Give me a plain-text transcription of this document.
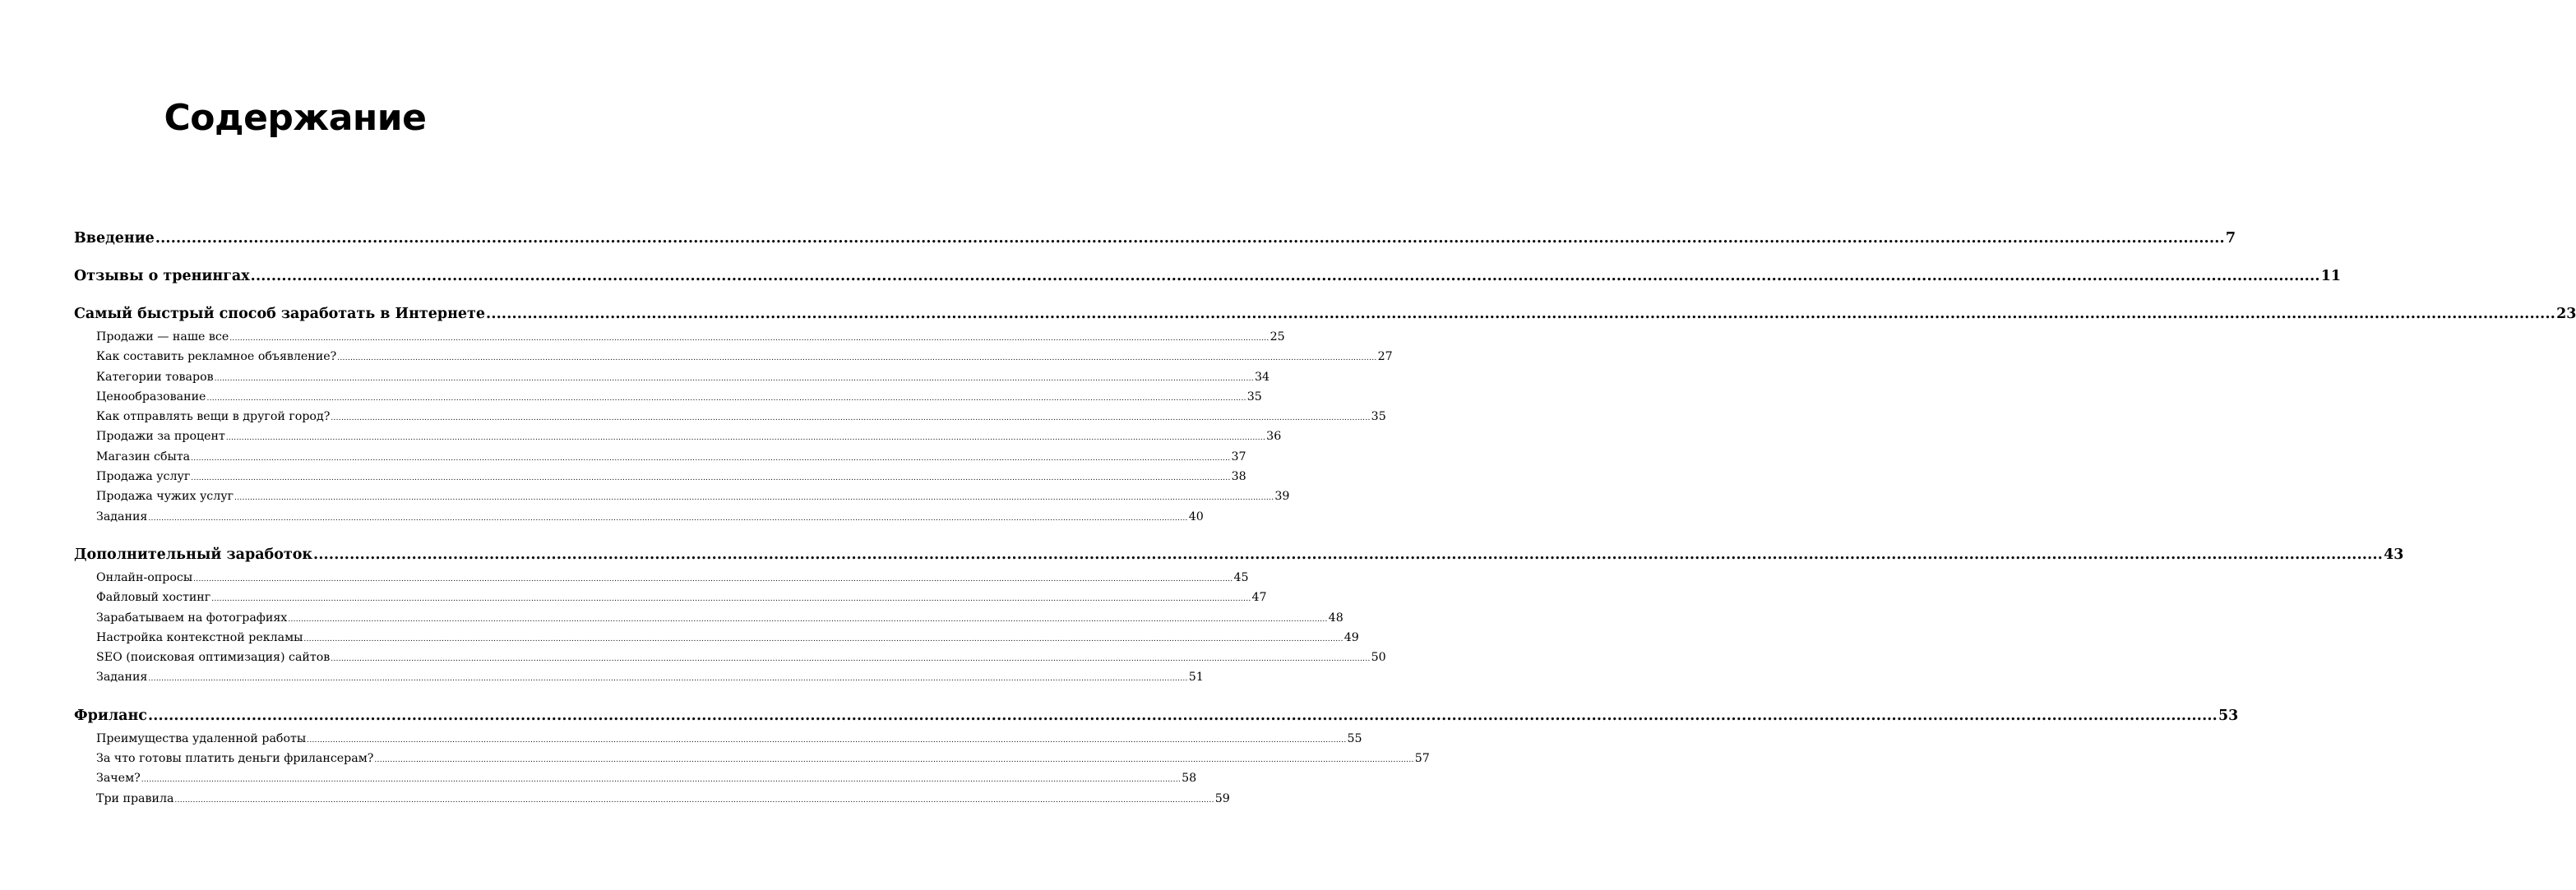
Содержание
Введение ................................................................................................................................................................................................................................................................................................................................................................................................................ 7
Отзывы о тренингах ................................................................................................................................................................................................................................................................................................................................................................................................................ 11
Самый быстрый способ заработать в Интернете ................................................................................................................................................................................................................................................................................................................................................................................................................ 23
Продажи — наше все ................................................................................................................................................................................................................................................................................................................................................................................................................ 25
Как составить рекламное объявление? ................................................................................................................................................................................................................................................................................................................................................................................................................ 27
Категории товаров ................................................................................................................................................................................................................................................................................................................................................................................................................ 34
Ценообразование ................................................................................................................................................................................................................................................................................................................................................................................................................ 35
Как отправлять вещи в другой город? ................................................................................................................................................................................................................................................................................................................................................................................................................ 35
Продажи за процент ................................................................................................................................................................................................................................................................................................................................................................................................................ 36
Магазин сбыта ................................................................................................................................................................................................................................................................................................................................................................................................................ 37
Продажа услуг ................................................................................................................................................................................................................................................................................................................................................................................................................ 38
Продажа чужих услуг ................................................................................................................................................................................................................................................................................................................................................................................................................ 39
Задания ................................................................................................................................................................................................................................................................................................................................................................................................................ 40
Дополнительный заработок ................................................................................................................................................................................................................................................................................................................................................................................................................ 43
Онлайн-опросы ................................................................................................................................................................................................................................................................................................................................................................................................................ 45
Файловый хостинг ................................................................................................................................................................................................................................................................................................................................................................................................................ 47
Зарабатываем на фотографиях ................................................................................................................................................................................................................................................................................................................................................................................................................ 48
Настройка контекстной рекламы ................................................................................................................................................................................................................................................................................................................................................................................................................ 49
SEO (поисковая оптимизация) сайтов ................................................................................................................................................................................................................................................................................................................................................................................................................ 50
Задания ................................................................................................................................................................................................................................................................................................................................................................................................................ 51
Фриланс ................................................................................................................................................................................................................................................................................................................................................................................................................ 53
Преимущества удаленной работы ................................................................................................................................................................................................................................................................................................................................................................................................................ 55
За что готовы платить деньги фрилансерам? ................................................................................................................................................................................................................................................................................................................................................................................................................ 57
Зачем? ................................................................................................................................................................................................................................................................................................................................................................................................................ 58
Три правила ................................................................................................................................................................................................................................................................................................................................................................................................................ 59
